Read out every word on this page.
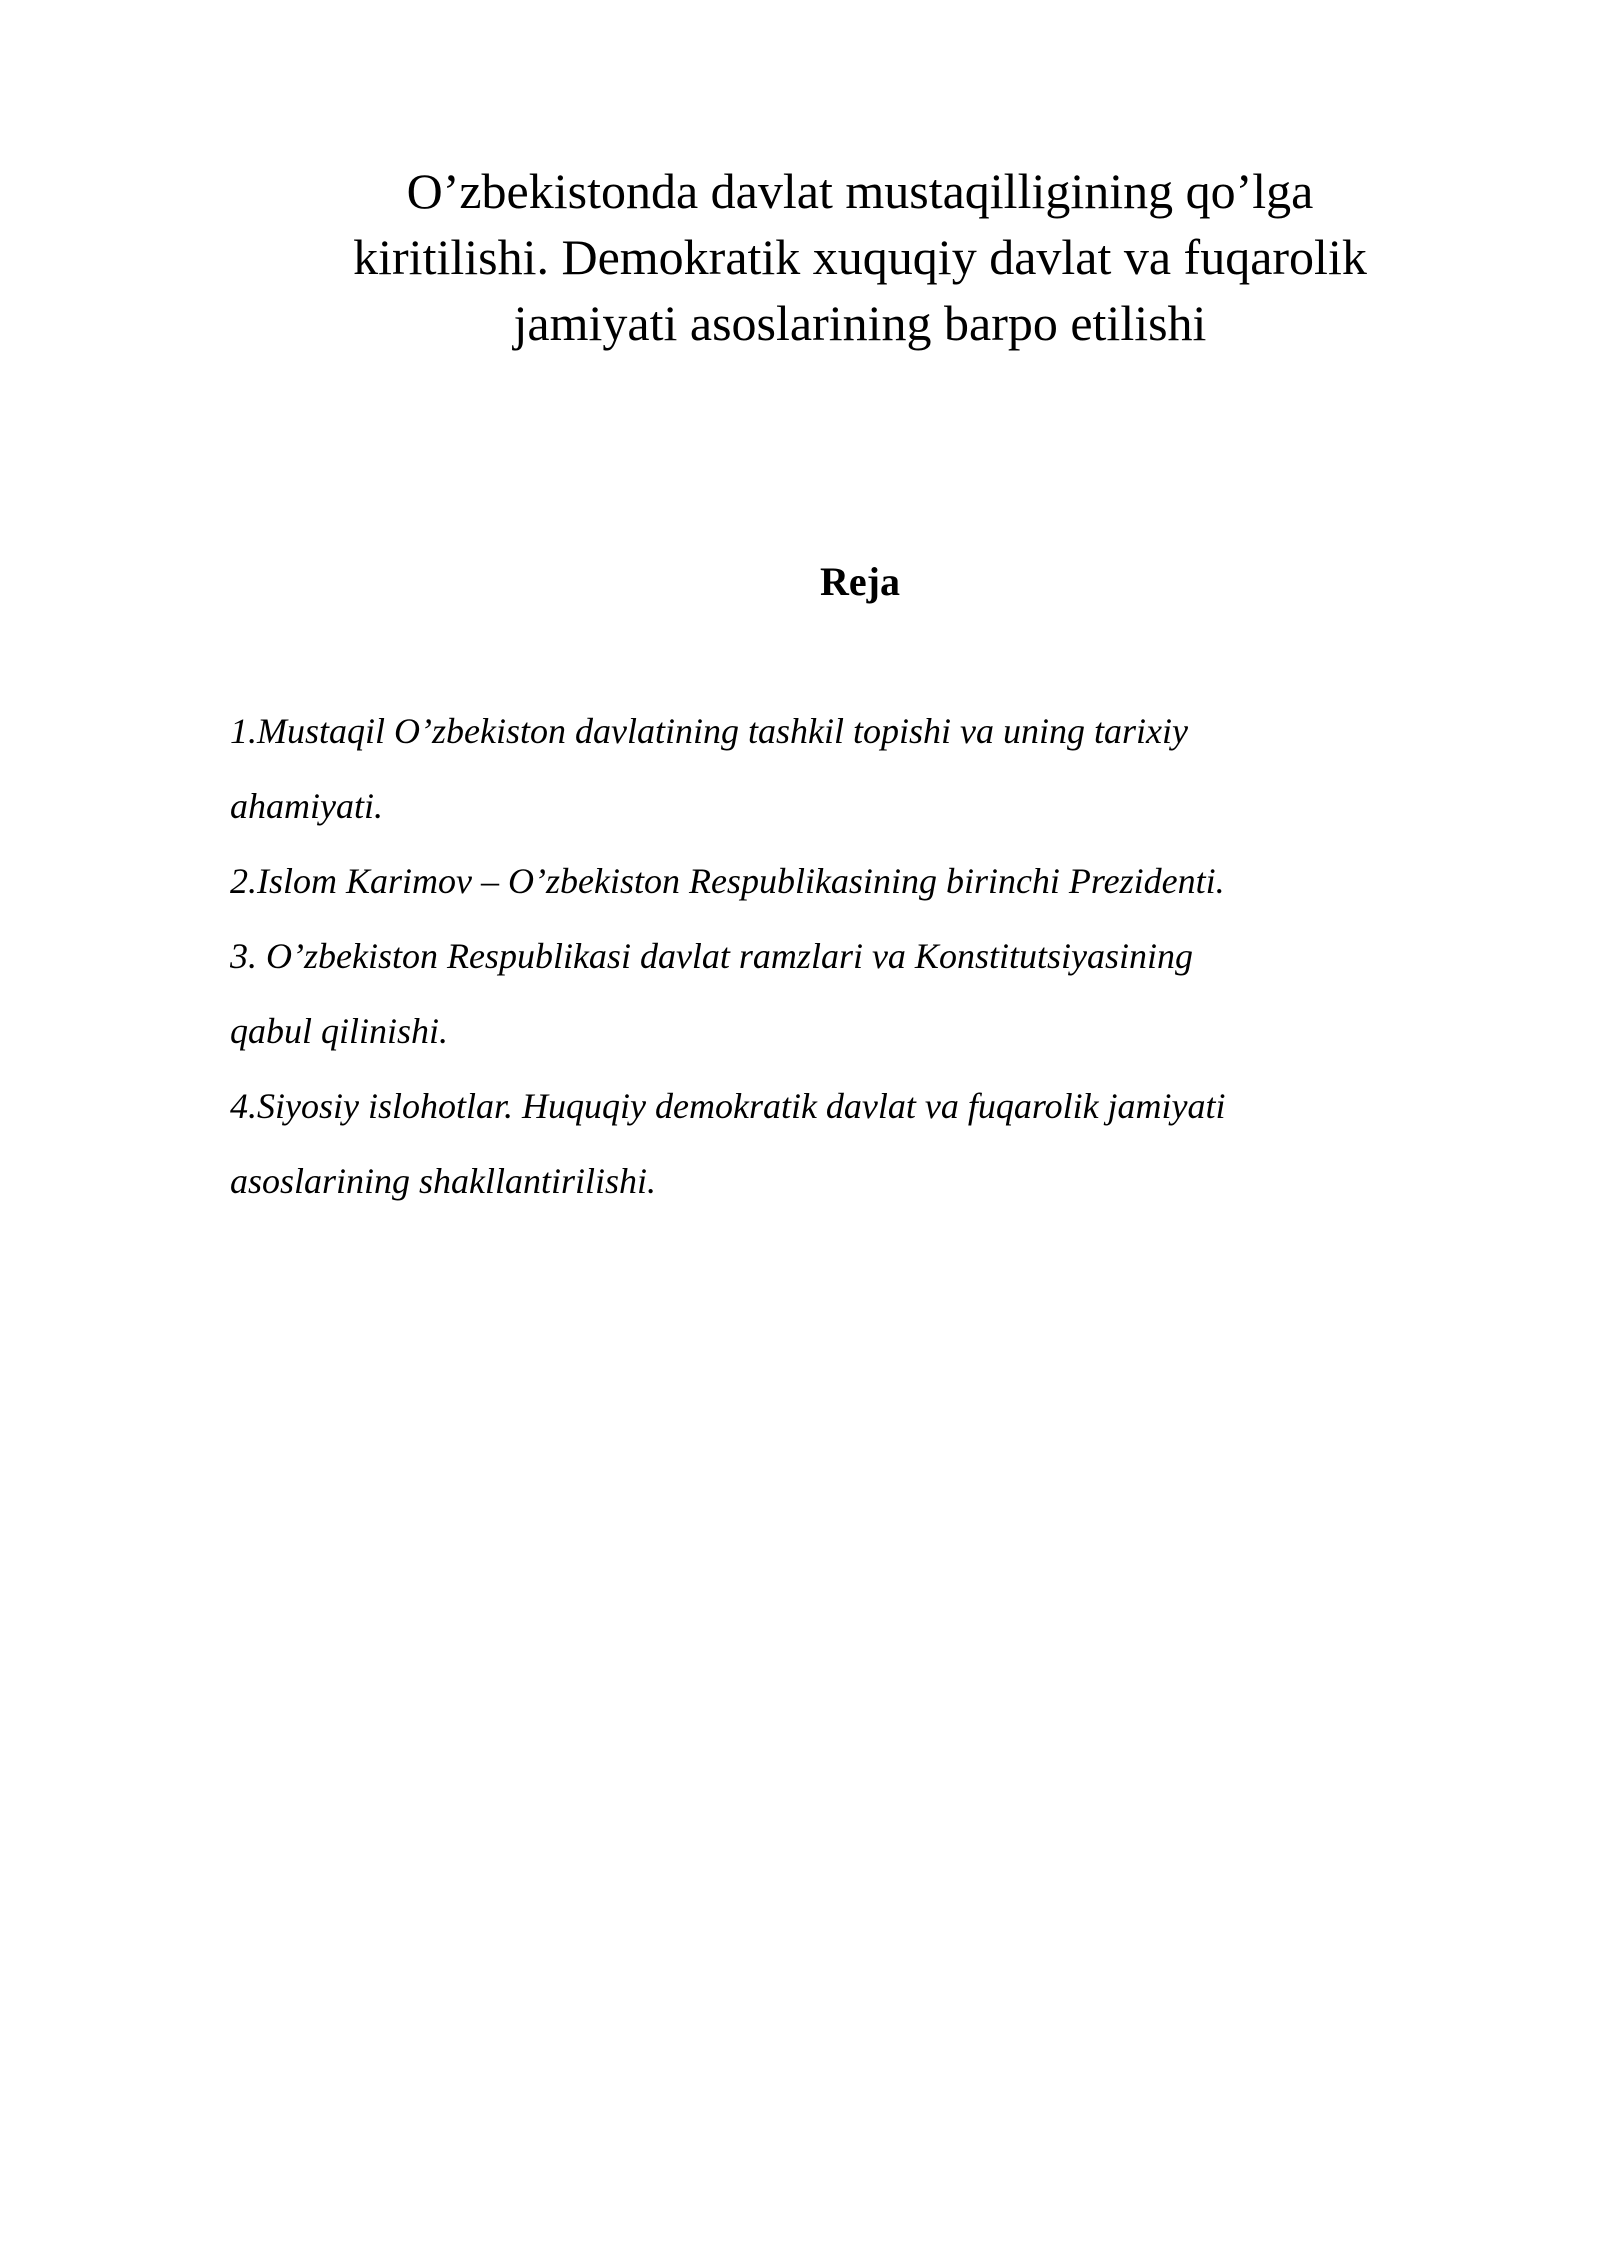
O’zbekistonda davlat mustaqilligining qo’lga
kiritilishi. Demokratik xuquqiy davlat va fuqarolik
jamiyati asoslarining barpo etilishi
Reja
1.Mustaqil O’zbekiston davlatining tashkil topishi va uning tarixiy
ahamiyati.
2.Islom Karimov – O’zbekiston Respublikasining birinchi Prezidenti.
3. O’zbekiston Respublikasi davlat ramzlari va Konstitutsiyasining
qabul qilinishi.
4.Siyosiy islohotlar. Huquqiy demokratik davlat va fuqarolik jamiyati
asoslarining shakllantirilishi.
